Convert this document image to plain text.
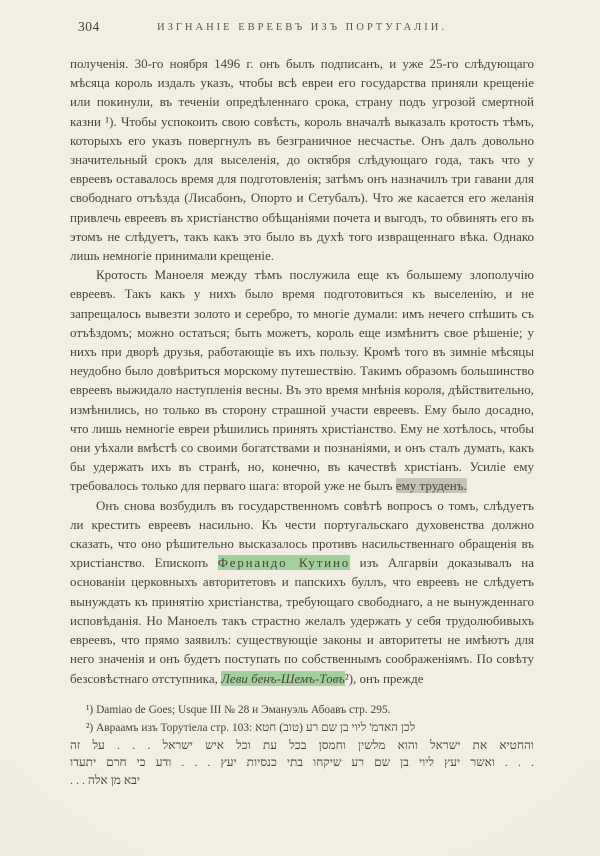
304	ИЗГНАНІЕ ЕВРЕЕВЪ ИЗЪ ПОРТУГАЛІИ.

полученія. 30-го ноября 1496 г. онъ былъ подписанъ, и уже 25-го слѣдующаго мѣсяца король издалъ указъ, чтобы всѣ евреи его государства приняли крещеніе или покинули, въ теченіи опредѣленнаго срока, страну подъ угрозой смертной казни ¹). Чтобы успокоить свою совѣсть, король вначалѣ выказалъ кротость тѣмъ, которыхъ его указъ повергнулъ въ безграничное несчастье. Онъ далъ довольно значительный срокъ для выселенія, до октября слѣдующаго года, такъ что у евреевъ оставалось время для подготовленія; затѣмъ онъ назначилъ три гавани для свободнаго отъѣзда (Лисабонъ, Опорто и Сетубалъ). Что же касается его желанія привлечь евреевъ въ христіанство обѣщаніями почета и выгодъ, то обвинять его въ этомъ не слѣдуетъ, такъ какъ это было въ духѣ того извращеннаго вѣка. Однако лишь немногіе принимали крещеніе.

Кротость Маноеля между тѣмъ послужила еще къ большему злополучію евреевъ. Такъ какъ у нихъ было время подготовиться къ выселенію, и не запрещалось вывезти золото и серебро, то многіе думали: имъ нечего спѣшить съ отъѣздомъ; можно остаться; быть можетъ, король еще измѣнитъ свое рѣшеніе; у нихъ при дворѣ друзья, работающіе въ ихъ пользу. Кромѣ того въ зимніе мѣсяцы неудобно было довѣриться морскому путешествію. Такимъ образомъ большинство евреевъ выжидало наступленія весны. Въ это время мнѣнія короля, дѣйствительно, измѣнились, но только въ сторону страшной участи евреевъ. Ему было досадно, что лишь немногіе евреи рѣшились принять христіанство. Ему не хотѣлось, чтобы они уѣхали вмѣстѣ со своими богатствами и познаніями, и онъ сталъ думать, какъ бы удержать ихъ въ странѣ, но, конечно, въ качествѣ христіанъ. Усиліе ему требовалось только для перваго шага: второй уже не былъ ему труденъ.

Онъ снова возбудилъ въ государственномъ совѣтѣ вопросъ о томъ, слѣдуетъ ли крестить евреевъ насильно. Къ чести португальскаго духовенства должно сказать, что оно рѣшительно высказалось противъ насильственнаго обращенія въ христіанство. Епископъ Фернандо Кутино изъ Алгарвіи доказывалъ на основаніи церковныхъ авторитетовъ и папскихъ буллъ, что евреевъ не слѣдуетъ вынуждать къ принятію христіанства, требующаго свободнаго, а не вынужденнаго исповѣданія. Но Маноелъ такъ страстно желалъ удержать у себя трудолюбивыхъ евреевъ, что прямо заявилъ: существующіе законы и авторитеты не имѣютъ для него значенія и онъ будетъ поступать по собственнымъ соображеніямъ. По совѣту безсовѣстнаго отступника, Леви бенъ-Шемъ-Товъ²), онъ прежде

¹) Damiao de Goes; Usque III № 28 и Эмануэль Абоавъ стр. 295.
²) Авраамъ изъ Торутіела стр. 103: לכן האדמ' ליוי בן שם רע (טוב) חטא
והחטיא את ישראל והוא מלשין וחמסן בכל עת וכל איש ישראל . . . על זה
. . . ואשר יעץ ליוי בן שם רע שיקחו בתי כנסיות יעץ . . . ודע כי חרם יתעדו
יבא מן אלה . . .
